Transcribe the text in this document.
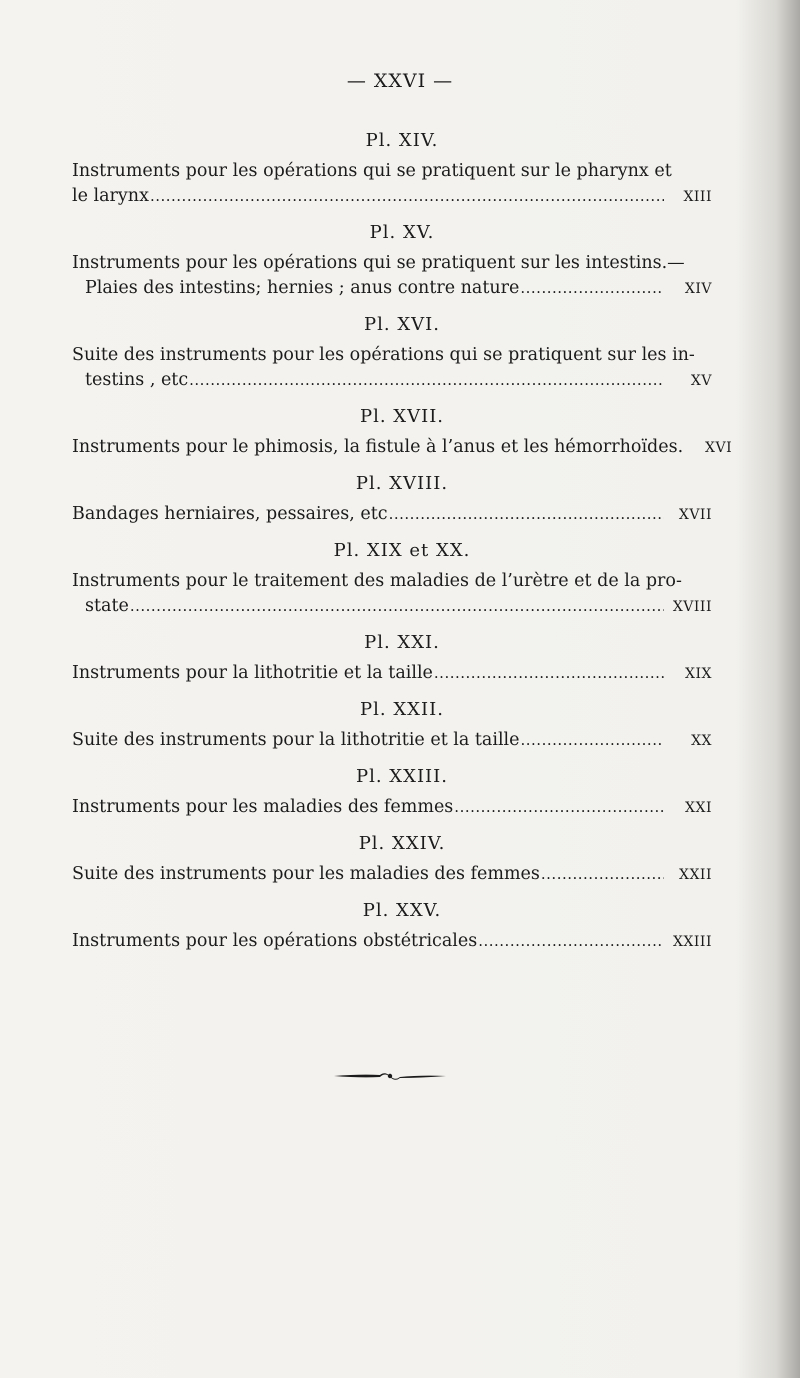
— XXVI —
Pl. XIV.
Instruments pour les opérations qui se pratiquent sur le pharynx et
le larynx .....	XIII
Pl. XV.
Instruments pour les opérations qui se pratiquent sur les intestins.—
Plaies des intestins; hernies ; anus contre nature .....	XIV
Pl. XVI.
Suite des instruments pour les opérations qui se pratiquent sur les in-
testins , etc .....	XV
Pl. XVII.
Instruments pour le phimosis, la fistule à l’anus et les hémorrhoïdes.	XVI
Pl. XVIII.
Bandages herniaires, pessaires, etc .....	XVII
Pl. XIX et XX.
Instruments pour le traitement des maladies de l’urètre et de la pro-
state .....	XVIII
Pl. XXI.
Instruments pour la lithotritie et la taille .....	XIX
Pl. XXII.
Suite des instruments pour la lithotritie et la taille .....	XX
Pl. XXIII.
Instruments pour les maladies des femmes .....	XXI
Pl. XXIV.
Suite des instruments pour les maladies des femmes .....	XXII
Pl. XXV.
Instruments pour les opérations obstétricales .....	XXIII
